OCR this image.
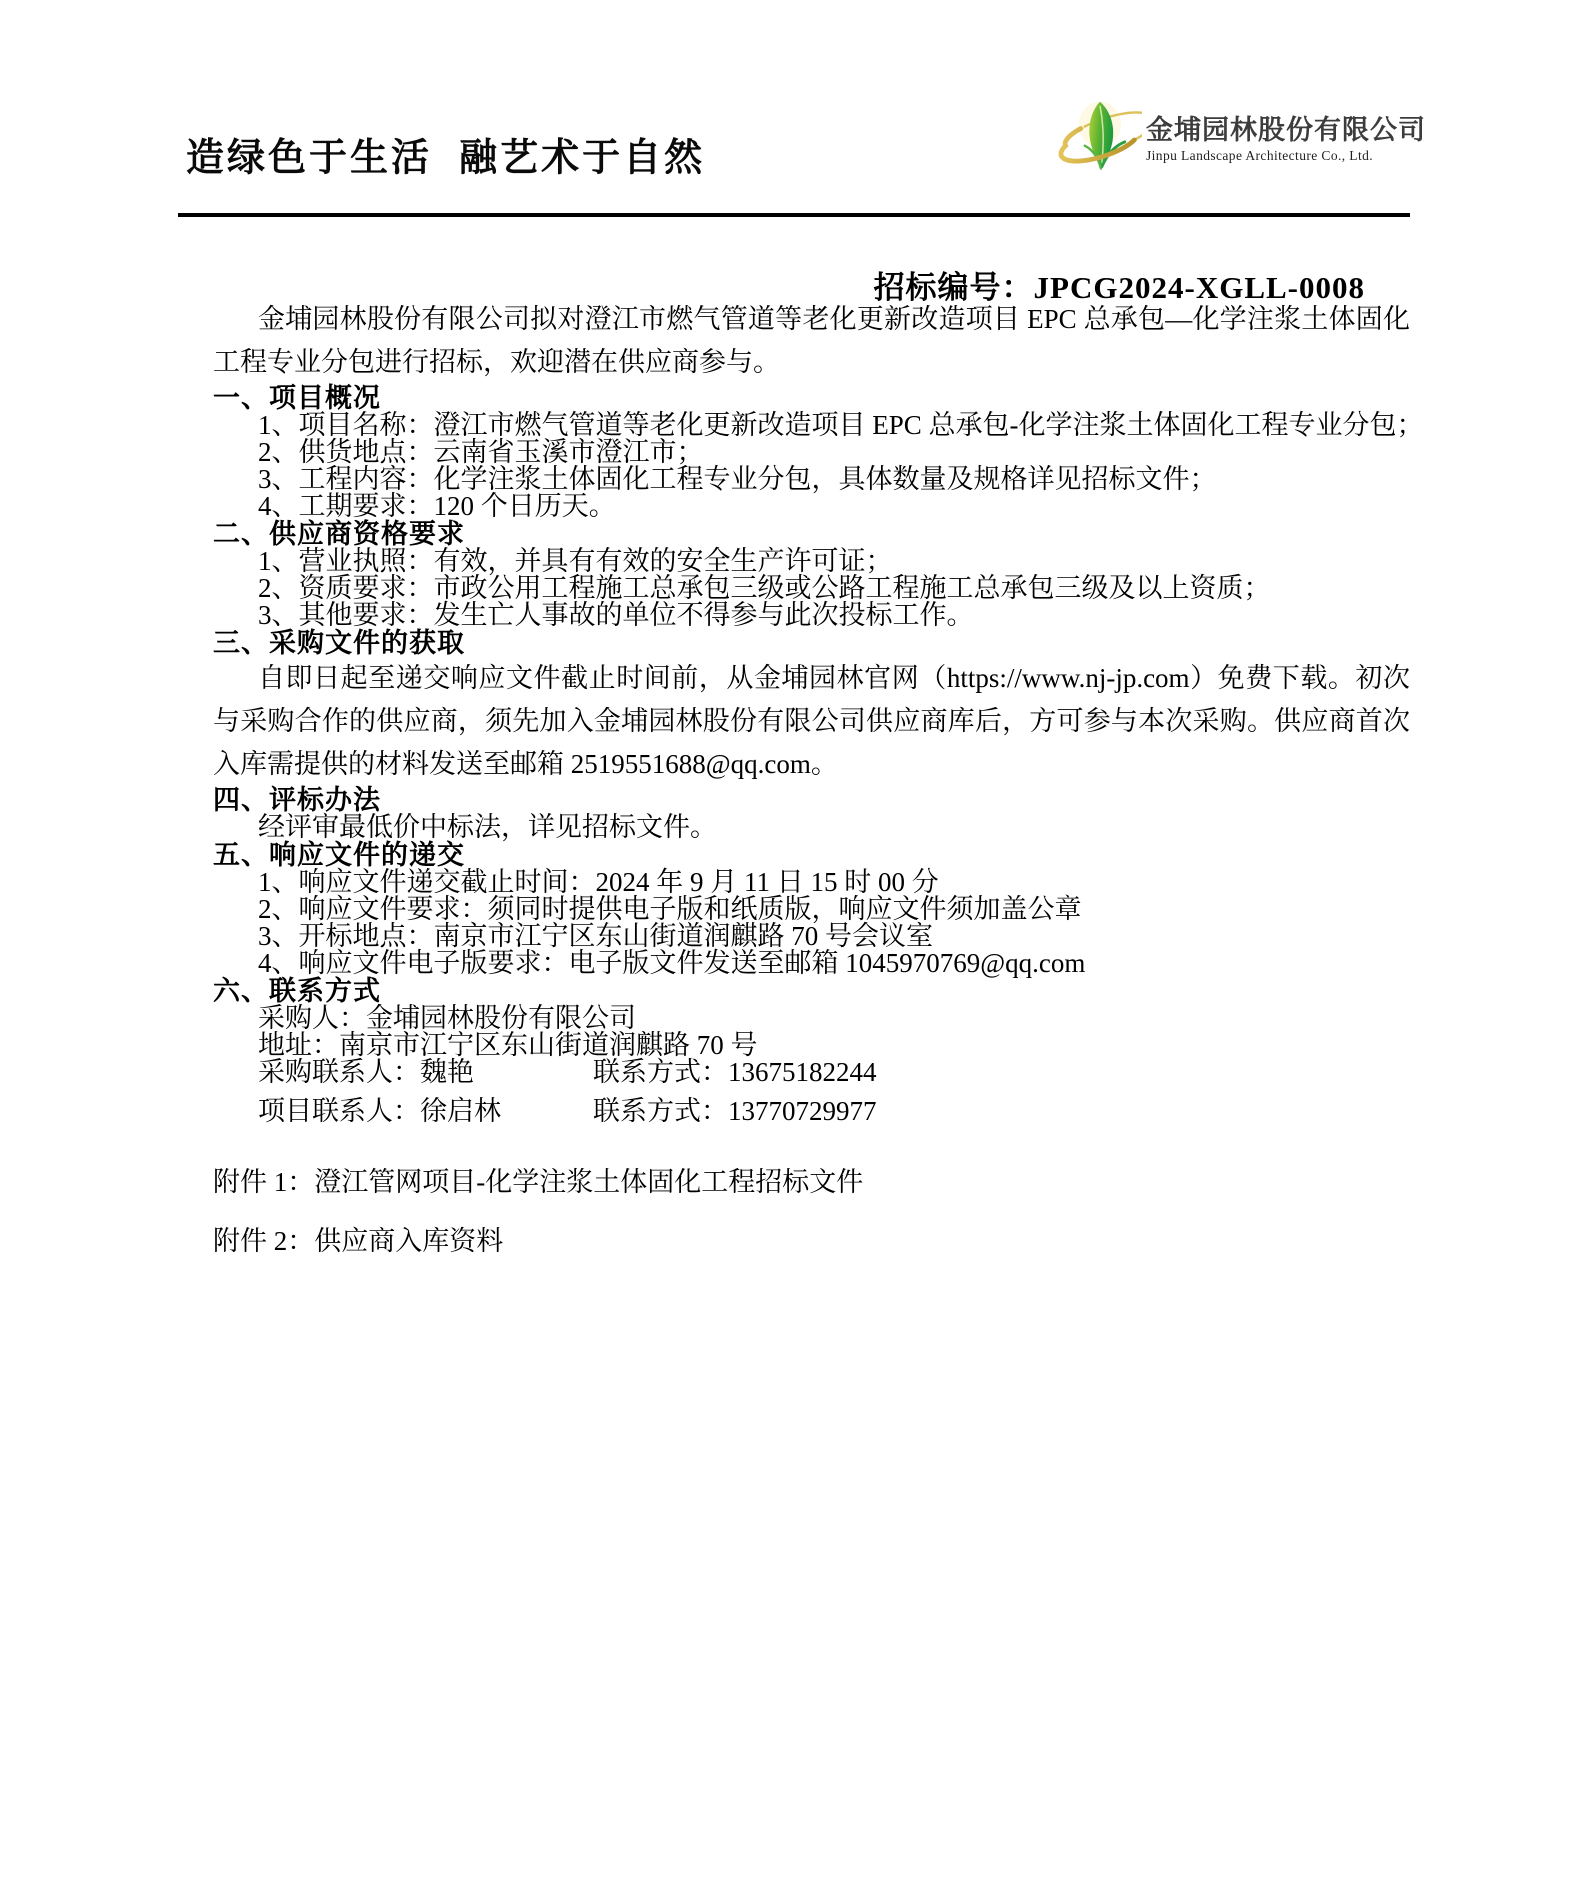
造绿色于生活  融艺术于自然
金埔园林股份有限公司
Jinpu Landscape Architecture Co., Ltd.
招标编号：JPCG2024-XGLL-0008

金埔园林股份有限公司拟对澄江市燃气管道等老化更新改造项目 EPC 总承包—化学注浆土体固化工程专业分包进行招标，欢迎潜在供应商参与。

一、项目概况

1、项目名称：澄江市燃气管道等老化更新改造项目 EPC 总承包-化学注浆土体固化工程专业分包；

2、供货地点：云南省玉溪市澄江市；

3、工程内容：化学注浆土体固化工程专业分包，具体数量及规格详见招标文件；

4、工期要求：120 个日历天。

二、供应商资格要求

1、营业执照：有效，并具有有效的安全生产许可证；

2、资质要求：市政公用工程施工总承包三级或公路工程施工总承包三级及以上资质；

3、其他要求：发生亡人事故的单位不得参与此次投标工作。

三、采购文件的获取

自即日起至递交响应文件截止时间前，从金埔园林官网（https://www.nj-jp.com）免费下载。初次与采购合作的供应商，须先加入金埔园林股份有限公司供应商库后，方可参与本次采购。供应商首次入库需提供的材料发送至邮箱 2519551688@qq.com。

四、评标办法

经评审最低价中标法，详见招标文件。

五、响应文件的递交

1、响应文件递交截止时间：2024 年 9 月 11 日 15 时 00 分

2、响应文件要求：须同时提供电子版和纸质版，响应文件须加盖公章

3、开标地点：南京市江宁区东山街道润麒路 70 号会议室

4、响应文件电子版要求：电子版文件发送至邮箱 1045970769@qq.com

六、联系方式

采购人：金埔园林股份有限公司

地址：南京市江宁区东山街道润麒路 70 号

采购联系人：魏艳	联系方式：13675182244
项目联系人：徐启林	联系方式：13770729977

附件 1：澄江管网项目-化学注浆土体固化工程招标文件

附件 2：供应商入库资料
